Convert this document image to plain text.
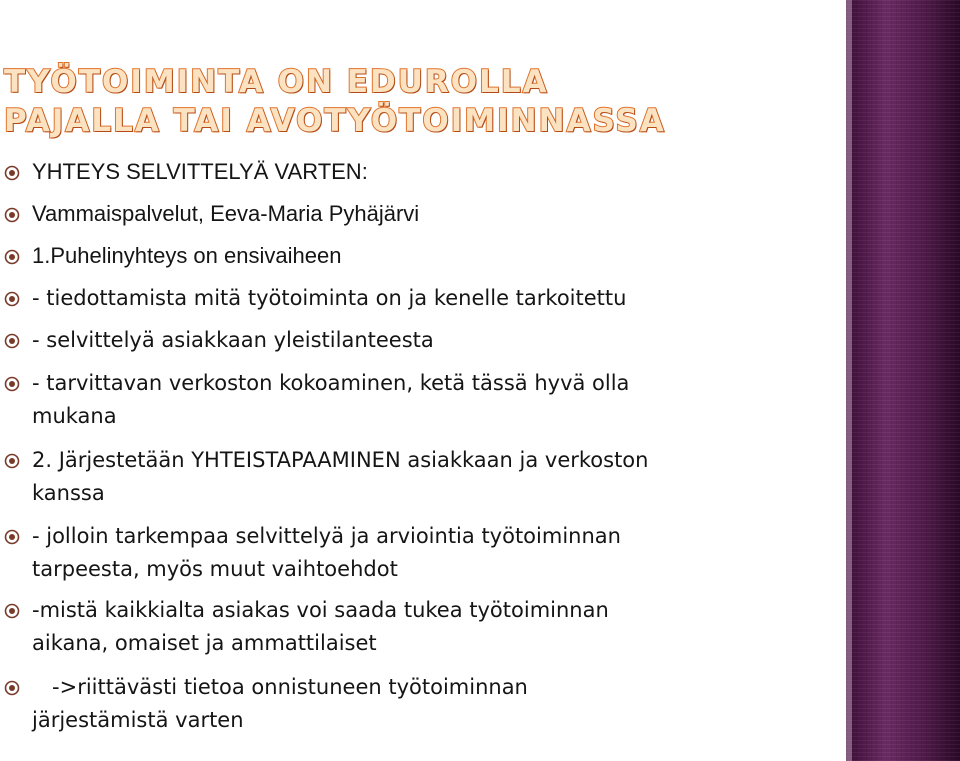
TYÖTOIMINTA ON EDUROLLA
PAJALLA TAI AVOTYÖTOIMINNASSA

YHTEYS SELVITTELYÄ VARTEN:

Vammaispalvelut, Eeva-Maria Pyhäjärvi

1.Puhelinyhteys on ensivaiheen

- tiedottamista mitä työtoiminta on ja kenelle tarkoitettu

- selvittelyä asiakkaan yleistilanteesta

- tarvittavan verkoston kokoaminen, ketä tässä hyvä olla

mukana

2. Järjestetään YHTEISTAPAAMINEN asiakkaan ja verkoston

kanssa

- jolloin tarkempaa selvittelyä ja arviointia työtoiminnan

tarpeesta, myös muut vaihtoehdot

-mistä kaikkialta asiakas voi saada tukea työtoiminnan

aikana, omaiset ja ammattilaiset

->riittävästi tietoa onnistuneen työtoiminnan

järjestämistä varten
